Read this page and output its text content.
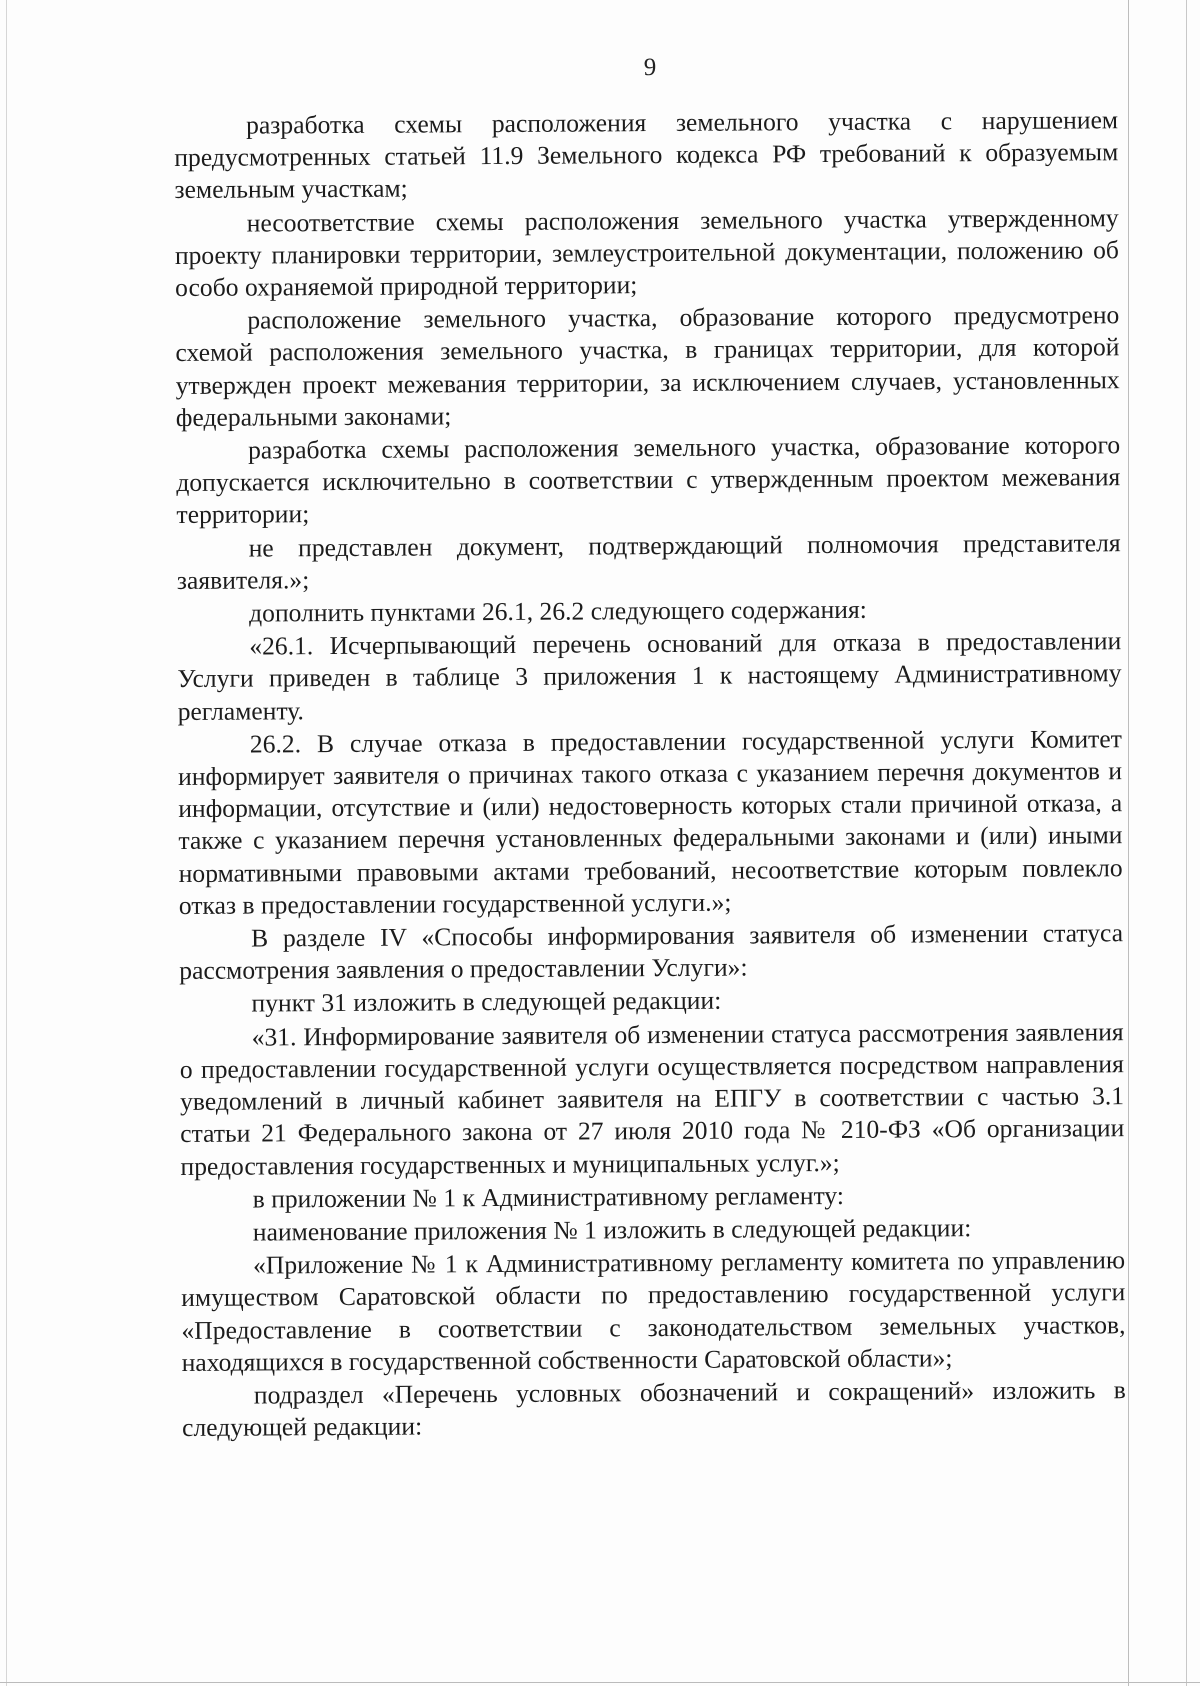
9

разработка схемы расположения земельного участка с нарушением предусмотренных статьей 11.9 Земельного кодекса РФ требований к образуемым земельным участкам;

несоответствие схемы расположения земельного участка утвержденному проекту планировки территории, землеустроительной документации, положению об особо охраняемой природной территории;

расположение земельного участка, образование которого предусмотрено схемой расположения земельного участка, в границах территории, для которой утвержден проект межевания территории, за исключением случаев, установленных федеральными законами;

разработка схемы расположения земельного участка, образование которого допускается исключительно в соответствии с утвержденным проектом межевания территории;

не представлен документ, подтверждающий полномочия представителя заявителя.»;

дополнить пунктами 26.1, 26.2 следующего содержания:

«26.1. Исчерпывающий перечень оснований для отказа в предоставлении Услуги приведен в таблице 3 приложения 1 к настоящему Административному регламенту.

26.2. В случае отказа в предоставлении государственной услуги Комитет информирует заявителя о причинах такого отказа с указанием перечня документов и информации, отсутствие и (или) недостоверность которых стали причиной отказа, а также с указанием перечня установленных федеральными законами и (или) иными нормативными правовыми актами требований, несоответствие которым повлекло отказ в предоставлении государственной услуги.»;

В разделе IV «Способы информирования заявителя об изменении статуса рассмотрения заявления о предоставлении Услуги»:

пункт 31 изложить в следующей редакции:

«31. Информирование заявителя об изменении статуса рассмотрения заявления о предоставлении государственной услуги осуществляется посредством направления уведомлений в личный кабинет заявителя на ЕПГУ в соответствии с частью 3.1 статьи 21 Федерального закона от 27 июля 2010 года № 210-ФЗ «Об организации предоставления государственных и муниципальных услуг.»;

в приложении № 1 к Административному регламенту:

наименование приложения № 1 изложить в следующей редакции:

«Приложение № 1 к Административному регламенту комитета по управлению имуществом Саратовской области по предоставлению государственной услуги «Предоставление в соответствии с законодательством земельных участков, находящихся в государственной собственности Саратовской области»;

подраздел «Перечень условных обозначений и сокращений» изложить в следующей редакции:
